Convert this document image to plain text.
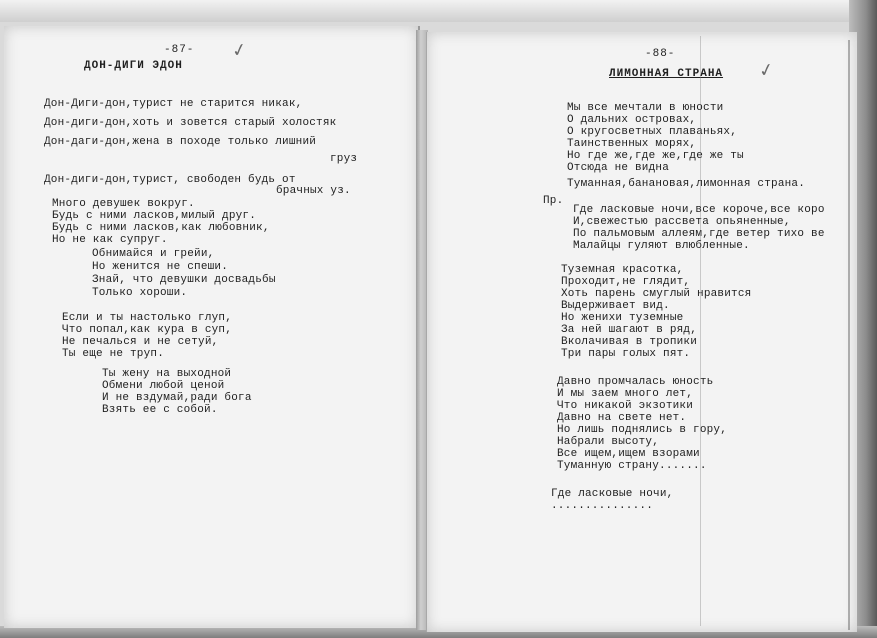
-87-
ДОН-ДИГИ ЭДОН
✓
Дон-Диги-дон,турист не старится никак,
Дон-диги-дон,хоть и зовется старый холостяк
Дон-даги-дон,жена в походе только лишний
груз
Дон-диги-дон,турист, свободен будь от
брачных уз.
Много девушек вокруг.
Будь с ними ласков,милый друг.
Будь с ними ласков,как любовник,
Но не как супруг.
Обнимайся и грейи,
Но женится не спеши.
Знай, что девушки досвадьбы
Только хороши.
Если и ты настолько глуп,
Что попал,как кура в суп,
Не печалься и не сетуй,
Ты еще не труп.
Ты жену на выходной
Обмени любой ценой
И не вздумай,ради бога
Взять ее с собой.
-88-
ЛИМОННАЯ СТРАНА ✓
Мы все мечтали в юности
О дальних островах,
О кругосветных плаваньях,
Таинственных морях,
Но где же,где же,где же ты
Отсюда не видна
Туманная,банановая,лимонная страна.
Пр.
Где ласковые ночи,все короче,все коро
И,свежестью рассвета опьяненные,
По пальмовым аллеям,где ветер тихо ве
Малайцы гуляют влюбленные.
Туземная красотка,
Проходит,не глядит,
Хоть парень смуглый нравится
Выдерживает вид.
Но женихи туземные
За ней шагают в ряд,
Вколачивая в тропики
Три пары голых пят.
Давно промчалась юность
И мы заем много лет,
Что никакой экзотики
Давно на свете нет.
Но лишь поднялись в гору,
Набрали высоту,
Все ищем,ищем взорами
Туманную страну.......
Где ласковые ночи,
...............
